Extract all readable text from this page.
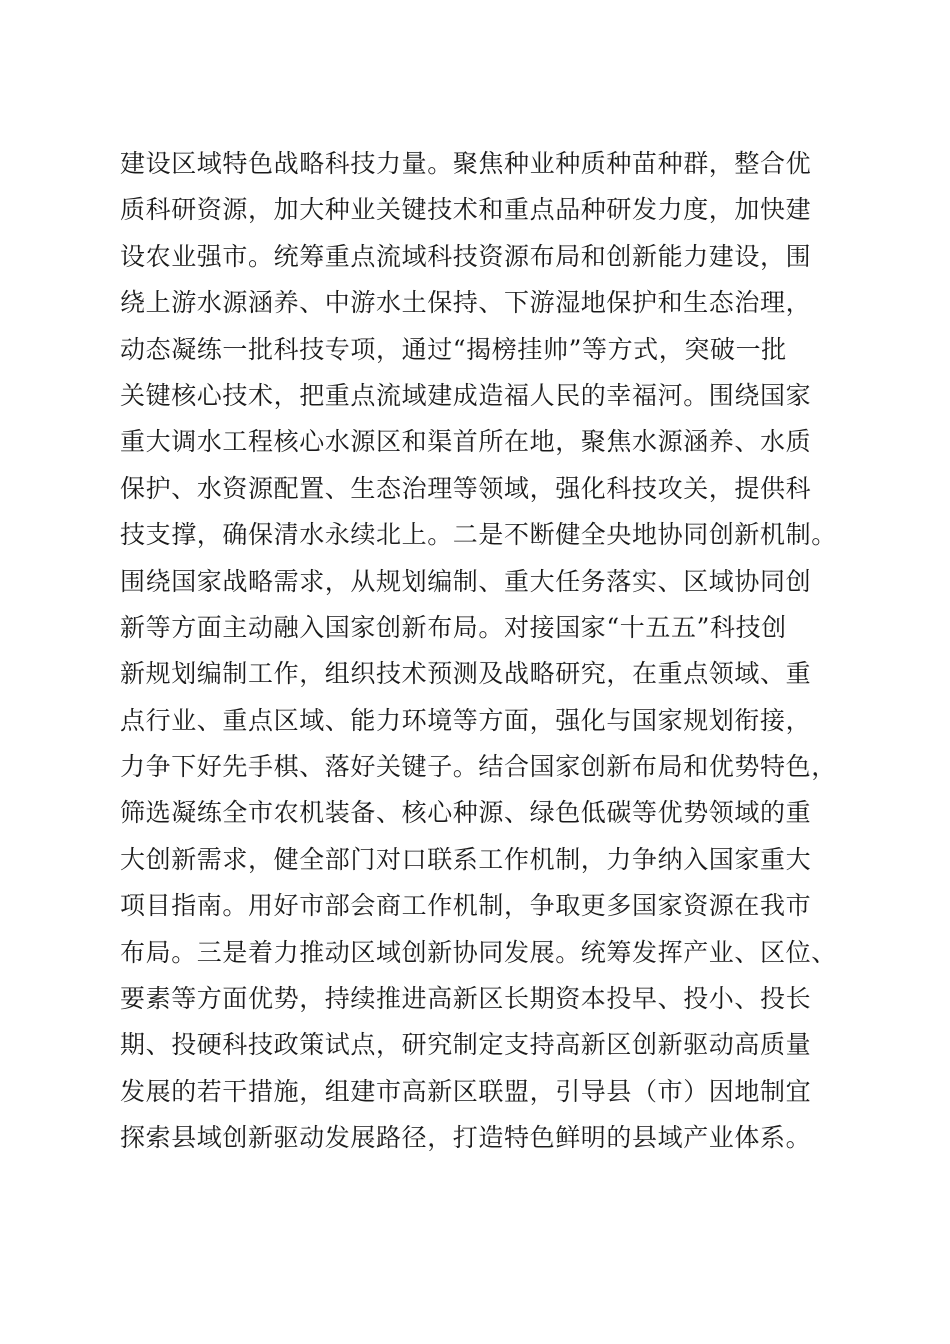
建设区域特色战略科技力量。聚焦种业种质种苗种群，整合优
质科研资源，加大种业关键技术和重点品种研发力度，加快建
设农业强市。统筹重点流域科技资源布局和创新能力建设，围
绕上游水源涵养、中游水土保持、下游湿地保护和生态治理，
动态凝练一批科技专项，通过“揭榜挂帅”等方式，突破一批
关键核心技术，把重点流域建成造福人民的幸福河。围绕国家
重大调水工程核心水源区和渠首所在地，聚焦水源涵养、水质
保护、水资源配置、生态治理等领域，强化科技攻关，提供科
技支撑，确保清水永续北上。二是不断健全央地协同创新机制。
围绕国家战略需求，从规划编制、重大任务落实、区域协同创
新等方面主动融入国家创新布局。对接国家“十五五”科技创
新规划编制工作，组织技术预测及战略研究，在重点领域、重
点行业、重点区域、能力环境等方面，强化与国家规划衔接，
力争下好先手棋、落好关键子。结合国家创新布局和优势特色，
筛选凝练全市农机装备、核心种源、绿色低碳等优势领域的重
大创新需求，健全部门对口联系工作机制，力争纳入国家重大
项目指南。用好市部会商工作机制，争取更多国家资源在我市
布局。三是着力推动区域创新协同发展。统筹发挥产业、区位、
要素等方面优势，持续推进高新区长期资本投早、投小、投长
期、投硬科技政策试点，研究制定支持高新区创新驱动高质量
发展的若干措施，组建市高新区联盟，引导县（市）因地制宜
探索县域创新驱动发展路径，打造特色鲜明的县域产业体系。
